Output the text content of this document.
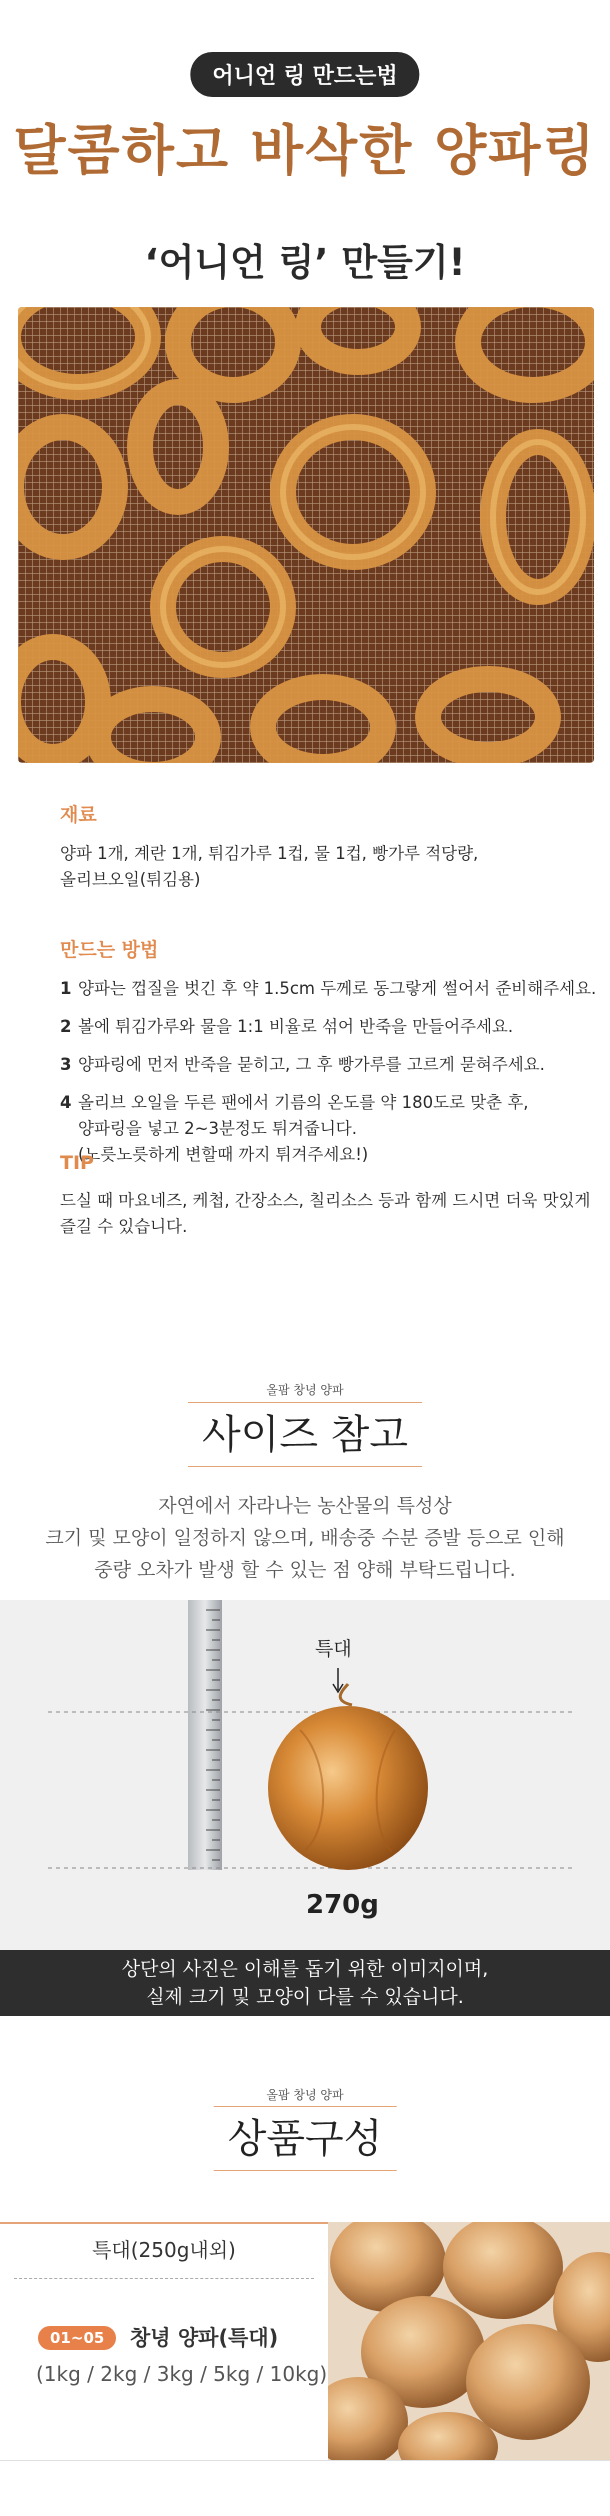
어니언 링 만드는법
달콤하고 바삭한 양파링
‘어니언 링’ 만들기!
재료
양파 1개, 계란 1개, 튀김가루 1컵, 물 1컵, 빵가루 적당량,
올리브오일(튀김용)
만드는 방법
1 양파는 껍질을 벗긴 후 약 1.5cm 두께로 동그랗게 썰어서 준비해주세요.
2 볼에 튀김가루와 물을 1:1 비율로 섞어 반죽을 만들어주세요.
3 양파링에 먼저 반죽을 묻히고, 그 후 빵가루를 고르게 묻혀주세요.
4 올리브 오일을 두른 팬에서 기름의 온도를 약 180도로 맞춘 후,
양파링을 넣고 2~3분정도 튀겨줍니다.
(노릇노릇하게 변할때 까지 튀겨주세요!)
TIP
드실 때 마요네즈, 케첩, 간장소스, 칠리소스 등과 함께 드시면 더욱 맛있게
즐길 수 있습니다.
올팜 창녕 양파
사이즈 참고
자연에서 자라나는 농산물의 특성상
크기 및 모양이 일정하지 않으며, 배송중 수분 증발 등으로 인해
중량 오차가 발생 할 수 있는 점 양해 부탁드립니다.
특대
270g
상단의 사진은 이해를 돕기 위한 이미지이며,
실제 크기 및 모양이 다를 수 있습니다.
올팜 창녕 양파
상품구성
특대(250g내외)
01~05	창녕 양파(특대)
(1kg / 2kg / 3kg / 5kg / 10kg)
